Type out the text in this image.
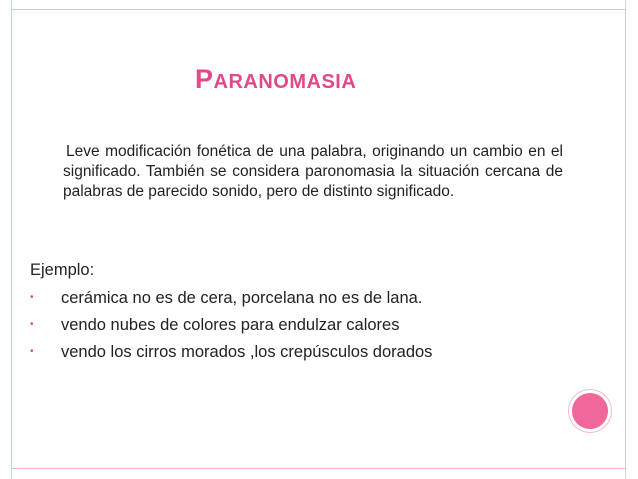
PARANOMASIA
Leve modificación fonética de una palabra, originando un cambio en el significado. También se considera paronomasia la situación cercana de palabras de parecido sonido, pero de distinto significado.
Ejemplo:
• cerámica no es de cera, porcelana no es de lana.
• vendo nubes de colores para endulzar calores
• vendo los cirros morados ,los crepúsculos dorados
